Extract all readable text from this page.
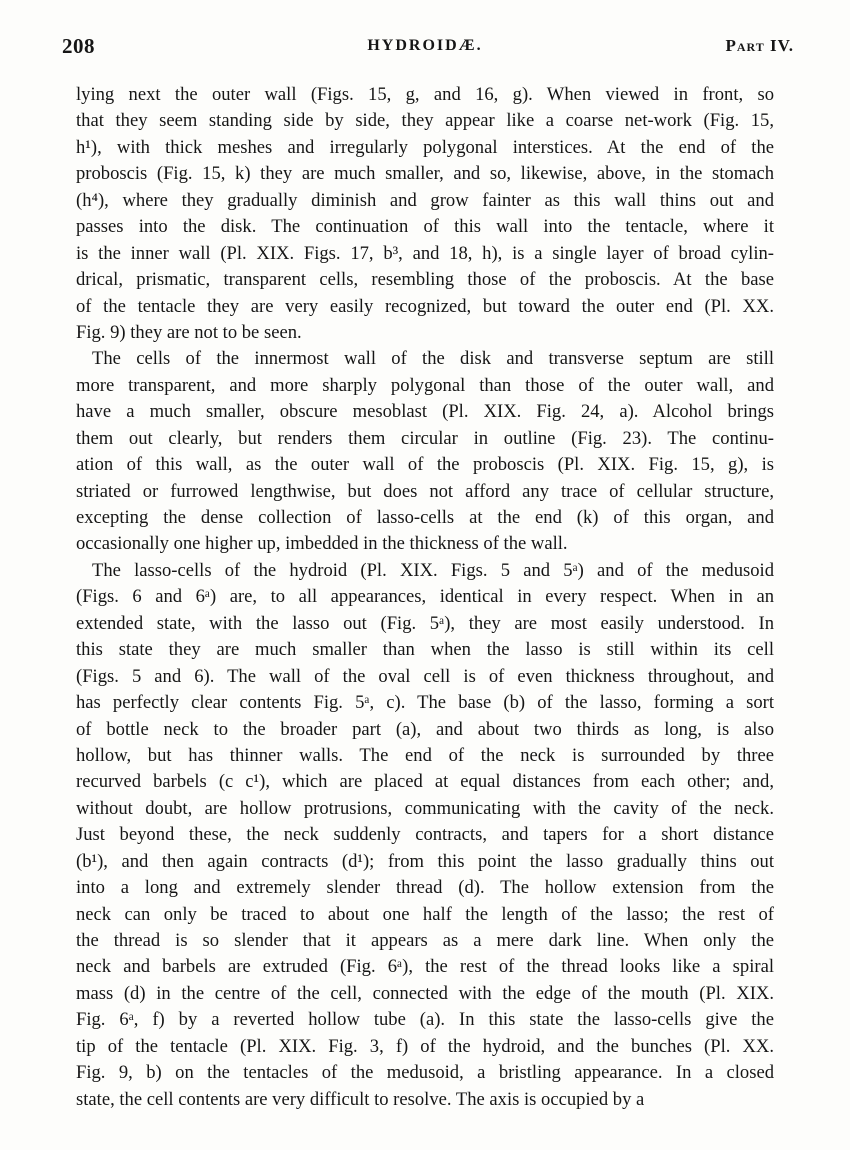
208	HYDROIDÆ.	Part IV.
lying next the outer wall (Figs. 15, g, and 16, g). When viewed in front, so
that they seem standing side by side, they appear like a coarse net-work (Fig. 15,
h¹), with thick meshes and irregularly polygonal interstices. At the end of the
proboscis (Fig. 15, k) they are much smaller, and so, likewise, above, in the stomach
(h⁴), where they gradually diminish and grow fainter as this wall thins out and
passes into the disk. The continuation of this wall into the tentacle, where it
is the inner wall (Pl. XIX. Figs. 17, b³, and 18, h), is a single layer of broad cylin-
drical, prismatic, transparent cells, resembling those of the proboscis. At the base
of the tentacle they are very easily recognized, but toward the outer end (Pl. XX.
Fig. 9) they are not to be seen.
The cells of the innermost wall of the disk and transverse septum are still
more transparent, and more sharply polygonal than those of the outer wall, and
have a much smaller, obscure mesoblast (Pl. XIX. Fig. 24, a). Alcohol brings
them out clearly, but renders them circular in outline (Fig. 23). The continu-
ation of this wall, as the outer wall of the proboscis (Pl. XIX. Fig. 15, g), is
striated or furrowed lengthwise, but does not afford any trace of cellular structure,
excepting the dense collection of lasso-cells at the end (k) of this organ, and
occasionally one higher up, imbedded in the thickness of the wall.
The lasso-cells of the hydroid (Pl. XIX. Figs. 5 and 5ᵃ) and of the medusoid
(Figs. 6 and 6ᵃ) are, to all appearances, identical in every respect. When in an
extended state, with the lasso out (Fig. 5ᵃ), they are most easily understood. In
this state they are much smaller than when the lasso is still within its cell
(Figs. 5 and 6). The wall of the oval cell is of even thickness throughout, and
has perfectly clear contents Fig. 5ᵃ, c). The base (b) of the lasso, forming a sort
of bottle neck to the broader part (a), and about two thirds as long, is also
hollow, but has thinner walls. The end of the neck is surrounded by three
recurved barbels (c c¹), which are placed at equal distances from each other; and,
without doubt, are hollow protrusions, communicating with the cavity of the neck.
Just beyond these, the neck suddenly contracts, and tapers for a short distance
(b¹), and then again contracts (d¹); from this point the lasso gradually thins out
into a long and extremely slender thread (d). The hollow extension from the
neck can only be traced to about one half the length of the lasso; the rest of
the thread is so slender that it appears as a mere dark line. When only the
neck and barbels are extruded (Fig. 6ᵃ), the rest of the thread looks like a spiral
mass (d) in the centre of the cell, connected with the edge of the mouth (Pl. XIX.
Fig. 6ᵃ, f) by a reverted hollow tube (a). In this state the lasso-cells give the
tip of the tentacle (Pl. XIX. Fig. 3, f) of the hydroid, and the bunches (Pl. XX.
Fig. 9, b) on the tentacles of the medusoid, a bristling appearance. In a closed
state, the cell contents are very difficult to resolve. The axis is occupied by a
